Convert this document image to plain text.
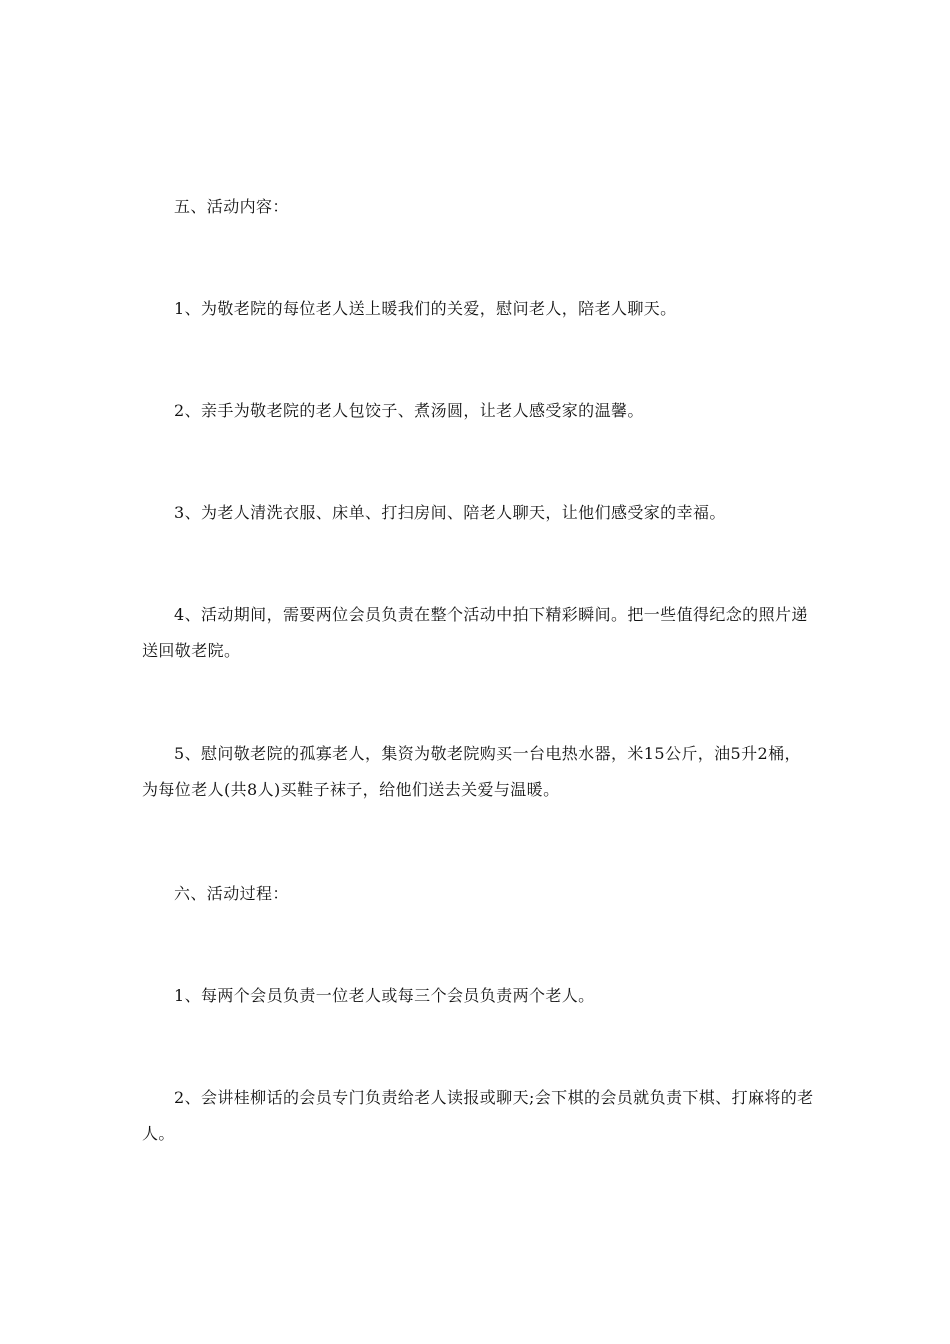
五、活动内容：

1、为敬老院的每位老人送上暖我们的关爱，慰问老人，陪老人聊天。

2、亲手为敬老院的老人包饺子、煮汤圆，让老人感受家的温馨。

3、为老人清洗衣服、床单、打扫房间、陪老人聊天，让他们感受家的幸福。

4、活动期间，需要两位会员负责在整个活动中拍下精彩瞬间。把一些值得纪念的照片递送回敬老院。

5、慰问敬老院的孤寡老人，集资为敬老院购买一台电热水器，米15公斤，油5升2桶，为每位老人(共8人)买鞋子袜子，给他们送去关爱与温暖。

六、活动过程：

1、每两个会员负责一位老人或每三个会员负责两个老人。

2、会讲桂柳话的会员专门负责给老人读报或聊天;会下棋的会员就负责下棋、打麻将的老人。
